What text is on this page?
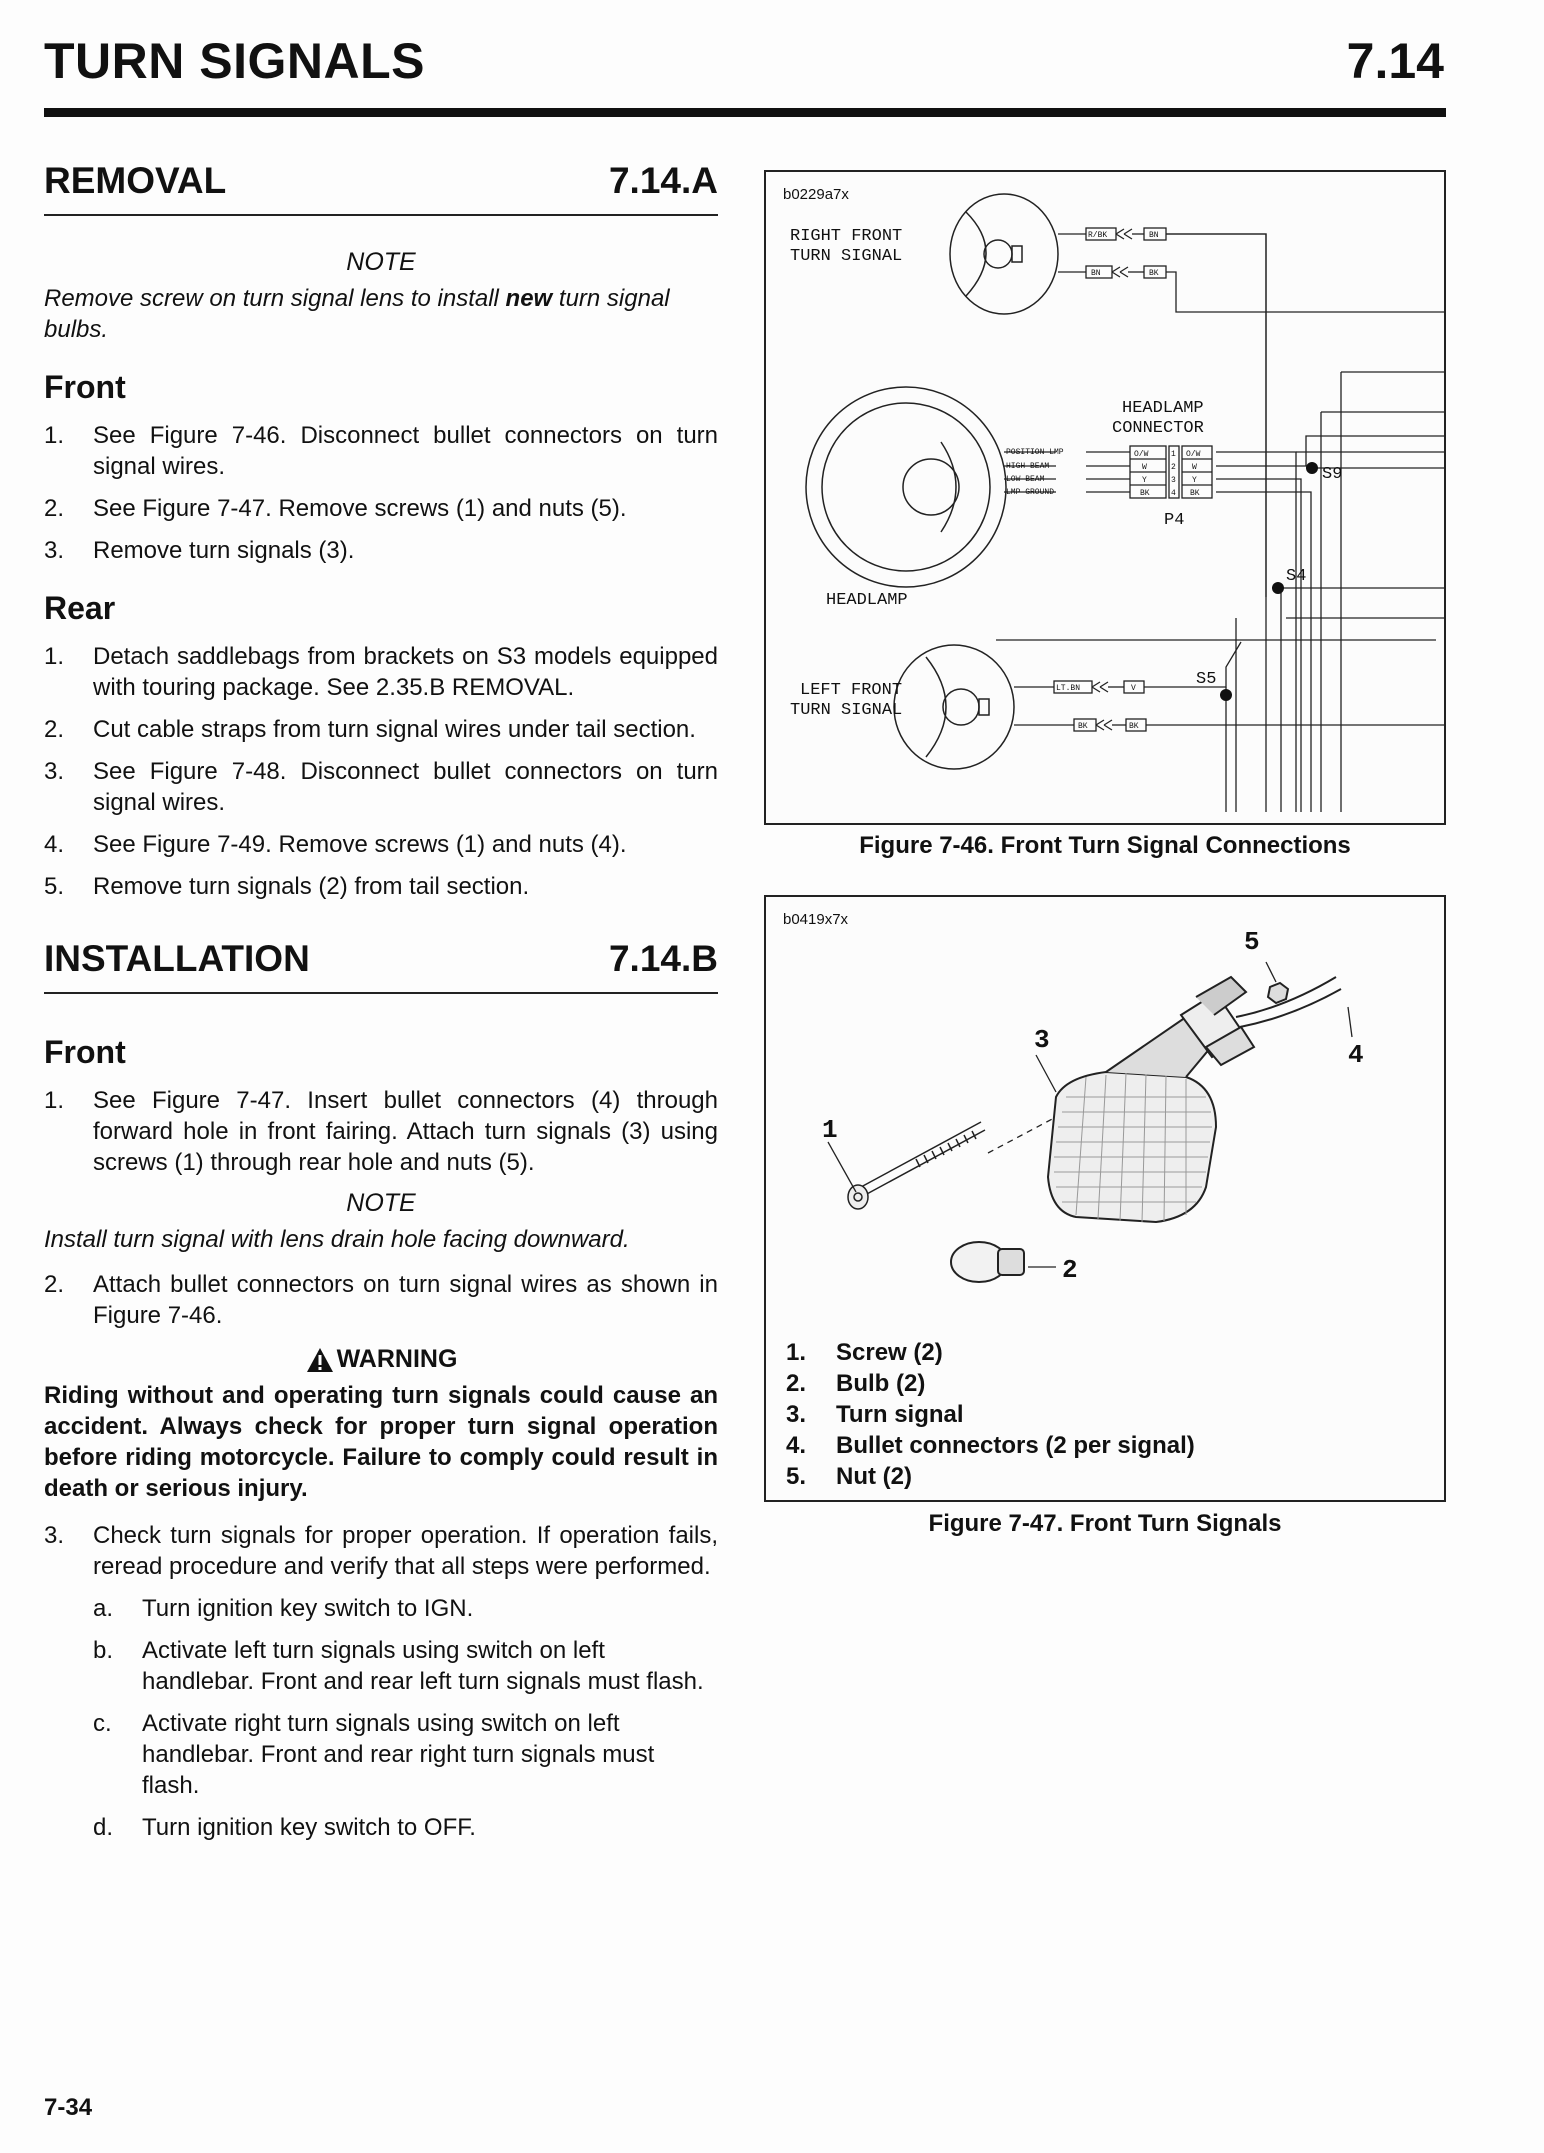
TURN SIGNALS	7.14
REMOVAL	7.14.A
NOTE
Remove screw on turn signal lens to install new turn signal bulbs.
Front
1.	See Figure 7-46. Disconnect bullet connectors on turn signal wires.
2.	See Figure 7-47. Remove screws (1) and nuts (5).
3.	Remove turn signals (3).
Rear
1.	Detach saddlebags from brackets on S3 models equipped with touring package. See 2.35.B REMOVAL.
2.	Cut cable straps from turn signal wires under tail section.
3.	See Figure 7-48. Disconnect bullet connectors on turn signal wires.
4.	See Figure 7-49. Remove screws (1) and nuts (4).
5.	Remove turn signals (2) from tail section.
INSTALLATION	7.14.B
Front
1.	See Figure 7-47. Insert bullet connectors (4) through forward hole in front fairing. Attach turn signals (3) using screws (1) through rear hole and nuts (5).
NOTE
Install turn signal with lens drain hole facing downward.
2.	Attach bullet connectors on turn signal wires as shown in Figure 7-46.
WARNING
Riding without and operating turn signals could cause an accident. Always check for proper turn signal operation before riding motorcycle. Failure to comply could result in death or serious injury.
3.	Check turn signals for proper operation. If operation fails, reread procedure and verify that all steps were performed.
a.	Turn ignition key switch to IGN.
b.	Activate left turn signals using switch on left handlebar. Front and rear left turn signals must flash.
c.	Activate right turn signals using switch on left handlebar. Front and rear right turn signals must flash.
d.	Turn ignition key switch to OFF.
b0229a7x
RIGHT FRONT
TURN SIGNAL
HEADLAMP
CONNECTOR
HEADLAMP
LEFT FRONT
TURN SIGNAL
P4
S9
S4
S5
R/BK	BN
BN	BK
LT.BN	V
BK	BK
POSITION LMP
HIGH BEAM
LOW BEAM
LMP GROUND
O/W
W
Y
BK
1
2
3
4
O/W
W
Y
BK
Figure 7-46. Front Turn Signal Connections
b0419x7x
1
2
3	4
5
1.	Screw (2)
2.	Bulb (2)
3.	Turn signal
4.	Bullet connectors (2 per signal)
5.	Nut (2)
Figure 7-47. Front Turn Signals
7-34
